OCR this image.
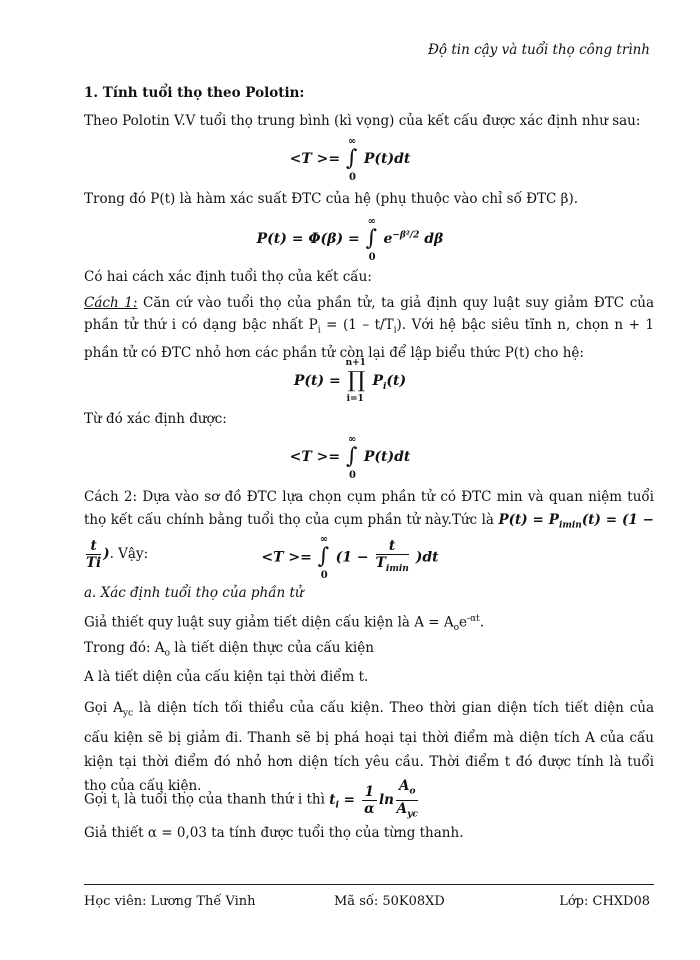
Độ tin cậy và tuổi thọ công trình
1. Tính tuổi thọ theo Polotin:
Theo Polotin V.V tuổi thọ trung bình (kì vọng) của kết cấu được xác định như sau:
<T >=
∞
∫
0
P(t)dt
Trong đó P(t) là hàm xác suất ĐTC của hệ (phụ thuộc vào chỉ số ĐTC β).
P(t) = Φ(β) =
∞
∫
0
$e^{-\beta^2/2}$ dβ
Có hai cách xác định tuổi thọ của kết cấu:
Cách 1: Căn cứ vào tuổi thọ của phần tử, ta giả định quy luật suy giảm ĐTC của phần tử thứ i có dạng bậc nhất $P_i = (1 - t/T_i)$. Với hệ bậc siêu tĩnh n, chọn n + 1 phần tử có ĐTC nhỏ hơn các phần tử còn lại để lập biểu thức P(t) cho hệ:
P(t) =
n+1
∏
i=1
$P_i(t)$
Từ đó xác định được:
<T >=
∞
∫
0
P(t)dt
Cách 2: Dựa vào sơ đồ ĐTC lựa chọn cụm phần tử có ĐTC min và quan niệm tuổi thọ kết cấu chính bằng tuổi thọ của cụm phần tử này.Tức là $P(t) = P_{imin}(t) = (1$ −
$\frac{t}{Ti}$ ). Vậy:	<T >=
∞
∫
0
$(1 - \frac{t}{T_{imin}} )dt$
a. Xác định tuổi thọ của phần tử
Giả thiết quy luật suy giảm tiết diện cấu kiện là $A = A_oe^{-\alpha t}$.
Trong đó: $A_o$ là tiết diện thực của cấu kiện
A là tiết diện của cấu kiện tại thời điểm t.
Gọi $A_{yc}$ là diện tích tối thiểu của cấu kiện. Theo thời gian diện tích tiết diện của cấu kiện sẽ bị giảm đi. Thanh sẽ bị phá hoại tại thời điểm mà diện tích A của cấu kiện tại thời điểm đó nhỏ hơn diện tích yêu cầu. Thời điểm t đó được tính là tuổi thọ của cấu kiện.
Gọi $t_i$ là tuổi thọ của thanh thứ i thì $t_i = \frac{1}{\alpha}$ $\ln \frac{A_o}{A_{yc}}$
Giả thiết α = 0,03 ta tính được tuổi thọ của từng thanh.
Học viên: Lương Thế Vinh	Mã số: 50K08XD	Lớp: CHXD08
